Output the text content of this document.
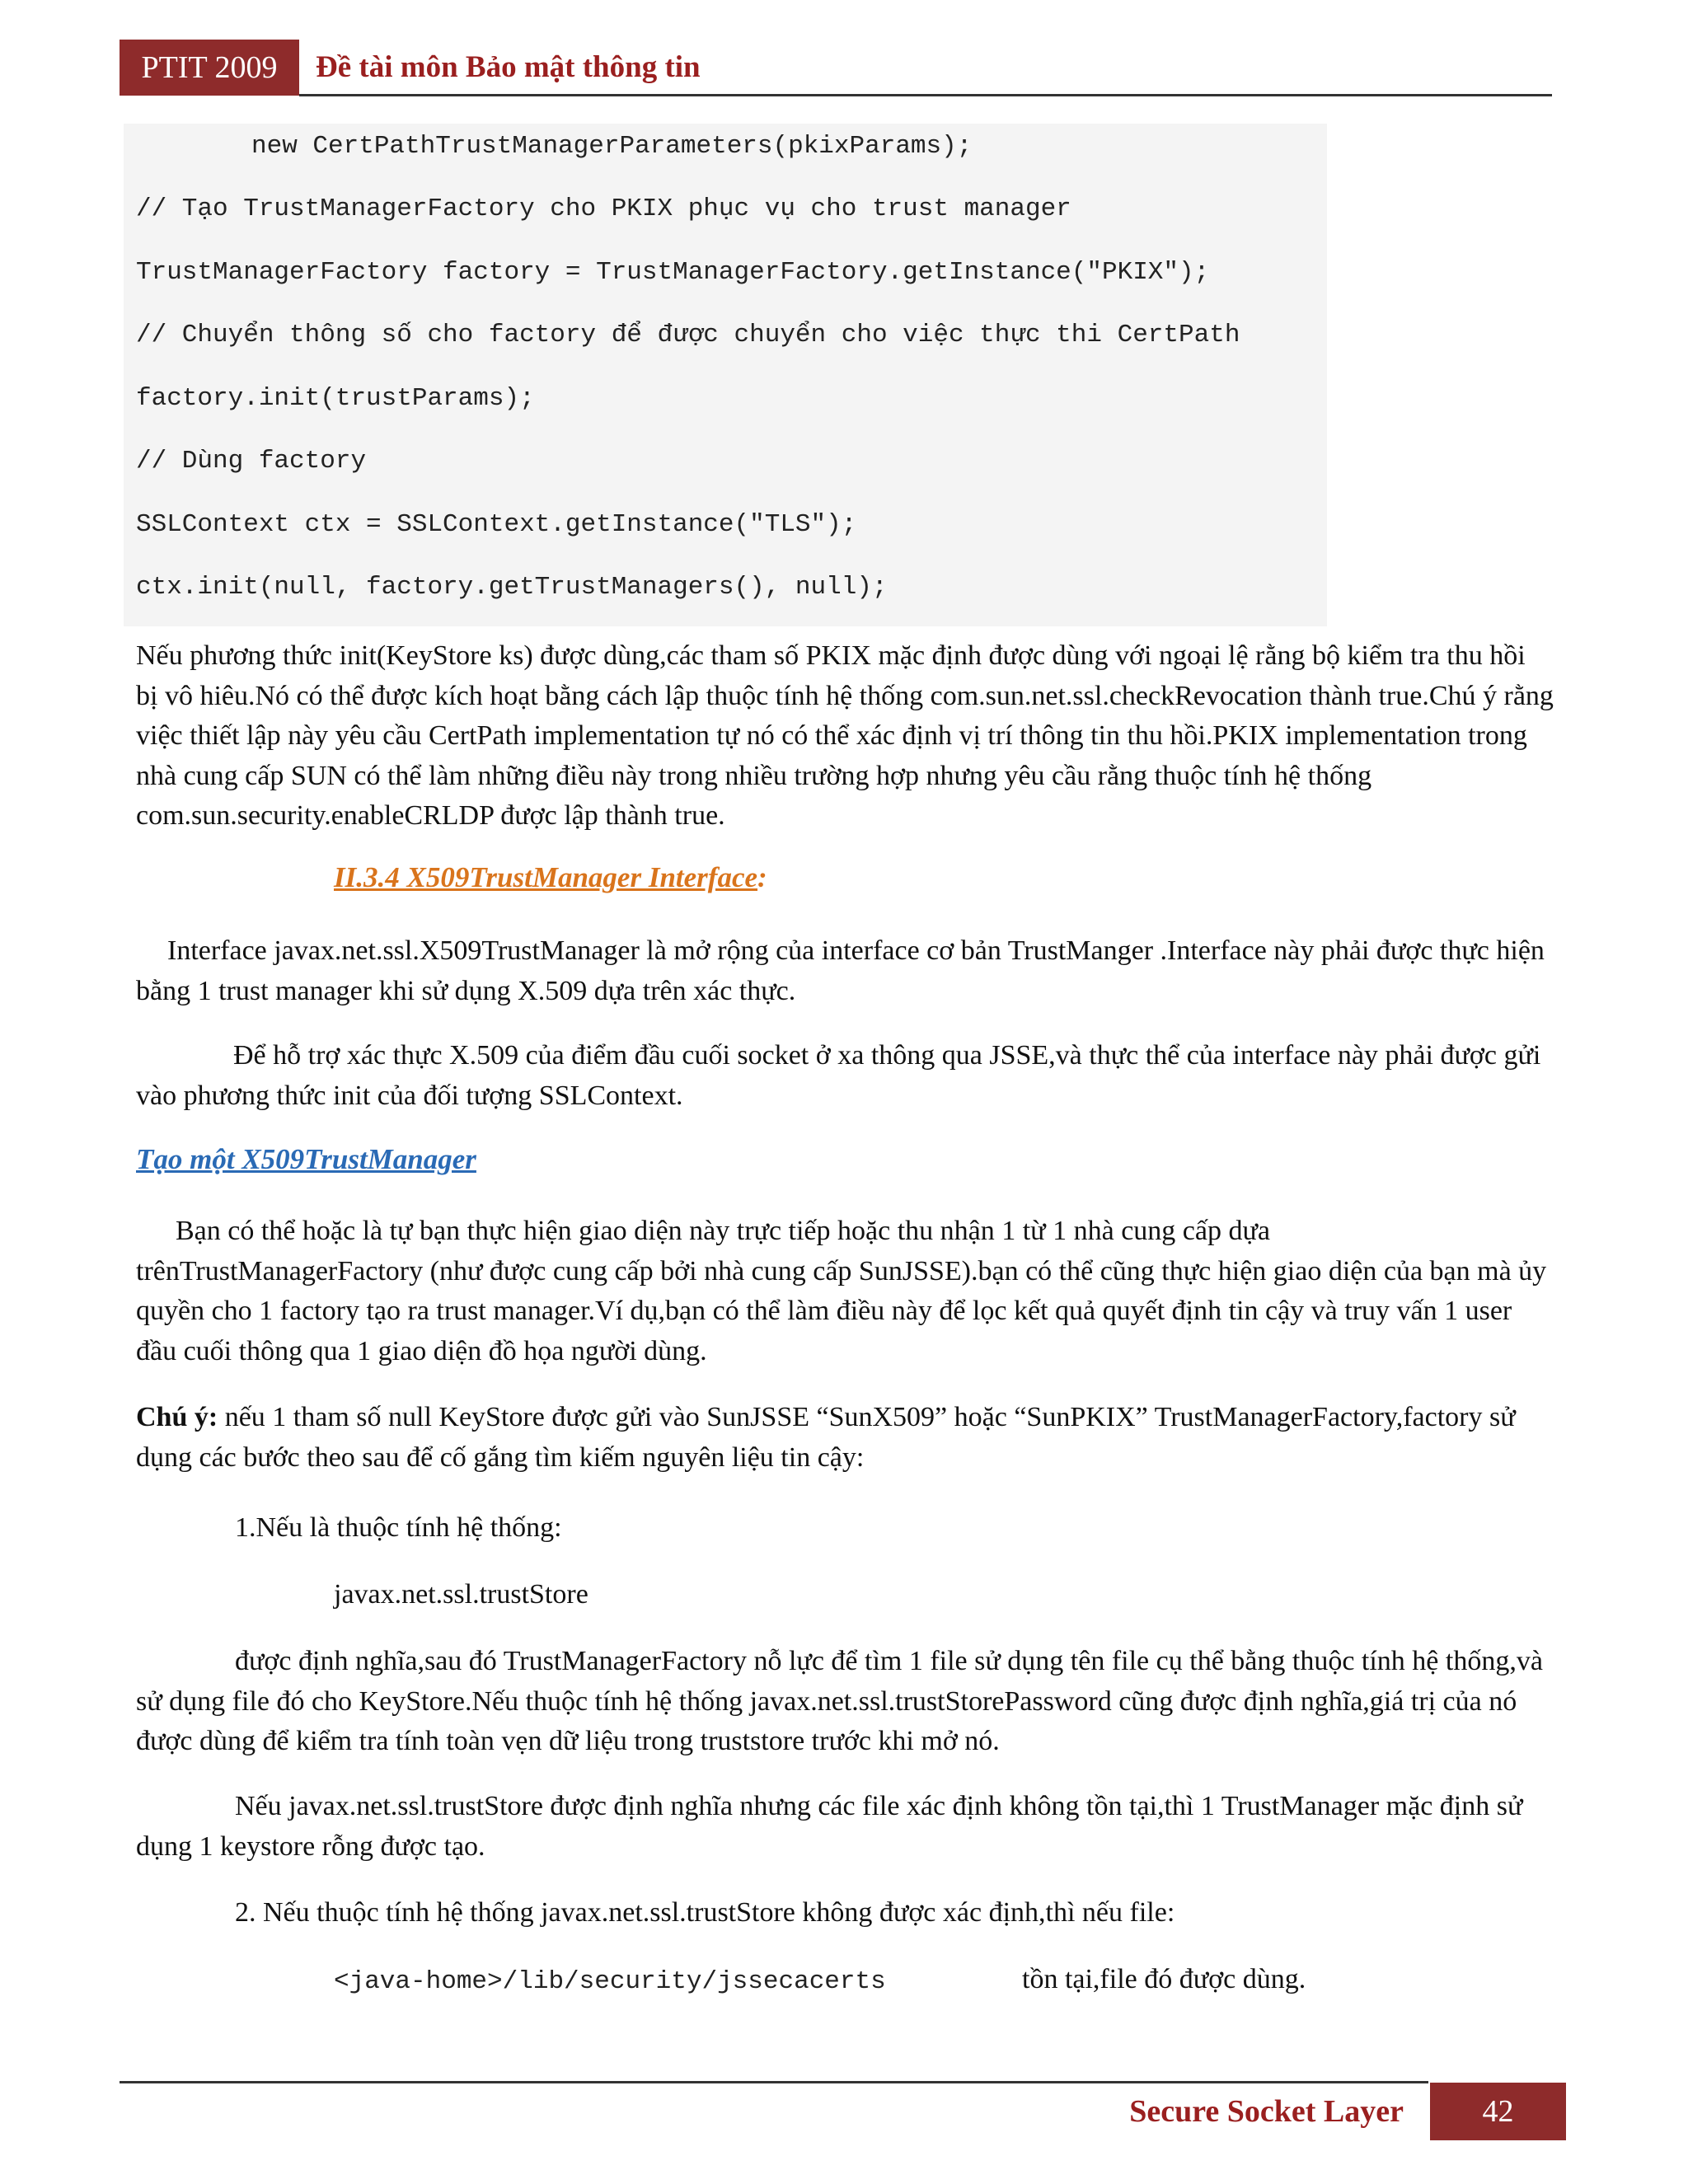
PTIT 2009	Đề tài môn Bảo mật thông tin
new CertPathTrustManagerParameters(pkixParams);
// Tạo TrustManagerFactory cho PKIX phục vụ cho trust manager
TrustManagerFactory factory = TrustManagerFactory.getInstance("PKIX");
// Chuyển thông số cho factory để được chuyển cho việc thực thi CertPath
factory.init(trustParams);
// Dùng factory
SSLContext ctx = SSLContext.getInstance("TLS");
ctx.init(null, factory.getTrustManagers(), null);
Nếu phương thức init(KeyStore ks) được dùng,các tham số PKIX mặc định được dùng với ngoại lệ rằng bộ kiểm tra thu hồi bị vô hiêu.Nó có thể được kích hoạt bằng cách lập thuộc tính hệ thống com.sun.net.ssl.checkRevocation thành true.Chú ý rằng việc thiết lập này yêu cầu CertPath implementation tự nó có thể xác định vị trí thông tin thu hồi.PKIX implementation trong nhà cung cấp SUN có thể làm những điều này trong nhiều trường hợp nhưng yêu cầu rằng thuộc tính hệ thống com.sun.security.enableCRLDP được lập thành true.
II.3.4 X509TrustManager Interface:
Interface javax.net.ssl.X509TrustManager là mở rộng của interface cơ bản TrustManger .Interface này phải được thực hiện bằng 1 trust manager khi sử dụng X.509 dựa trên xác thực.
Để hỗ trợ xác thực X.509 của điểm đầu cuối socket ở xa thông qua JSSE,và thực thể của interface này phải được gửi vào phương thức init của đối tượng SSLContext.
Tạo một X509TrustManager
Bạn có thể hoặc là tự bạn thực hiện giao diện này trực tiếp hoặc thu nhận 1 từ 1 nhà cung cấp dựa trênTrustManagerFactory (như được cung cấp bởi nhà cung cấp SunJSSE).bạn có thể cũng thực hiện giao diện của bạn mà ủy quyền cho 1 factory tạo ra trust manager.Ví dụ,bạn có thể làm điều này để lọc kết quả quyết định tin cậy và truy vấn 1 user đầu cuối thông qua 1 giao diện đồ họa người dùng.
Chú ý: nếu 1 tham số null KeyStore được gửi vào SunJSSE “SunX509” hoặc “SunPKIX” TrustManagerFactory,factory sử dụng các bước theo sau để cố gắng tìm kiếm nguyên liệu tin cậy:
1.Nếu là thuộc tính hệ thống:
javax.net.ssl.trustStore
được định nghĩa,sau đó TrustManagerFactory nỗ lực để tìm 1 file sử dụng tên file cụ thể bằng thuộc tính hệ thống,và sử dụng file đó cho KeyStore.Nếu thuộc tính hệ thống javax.net.ssl.trustStorePassword cũng được định nghĩa,giá trị của nó được dùng để kiểm tra tính toàn vẹn dữ liệu trong truststore trước khi mở nó.
Nếu javax.net.ssl.trustStore được định nghĩa nhưng các file xác định không tồn tại,thì 1 TrustManager mặc định sử dụng 1 keystore rỗng được tạo.
2. Nếu thuộc tính hệ thống javax.net.ssl.trustStore không được xác định,thì nếu file:
<java-home>/lib/security/jssecacerts	tồn tại,file đó được dùng.
Secure Socket Layer	42
